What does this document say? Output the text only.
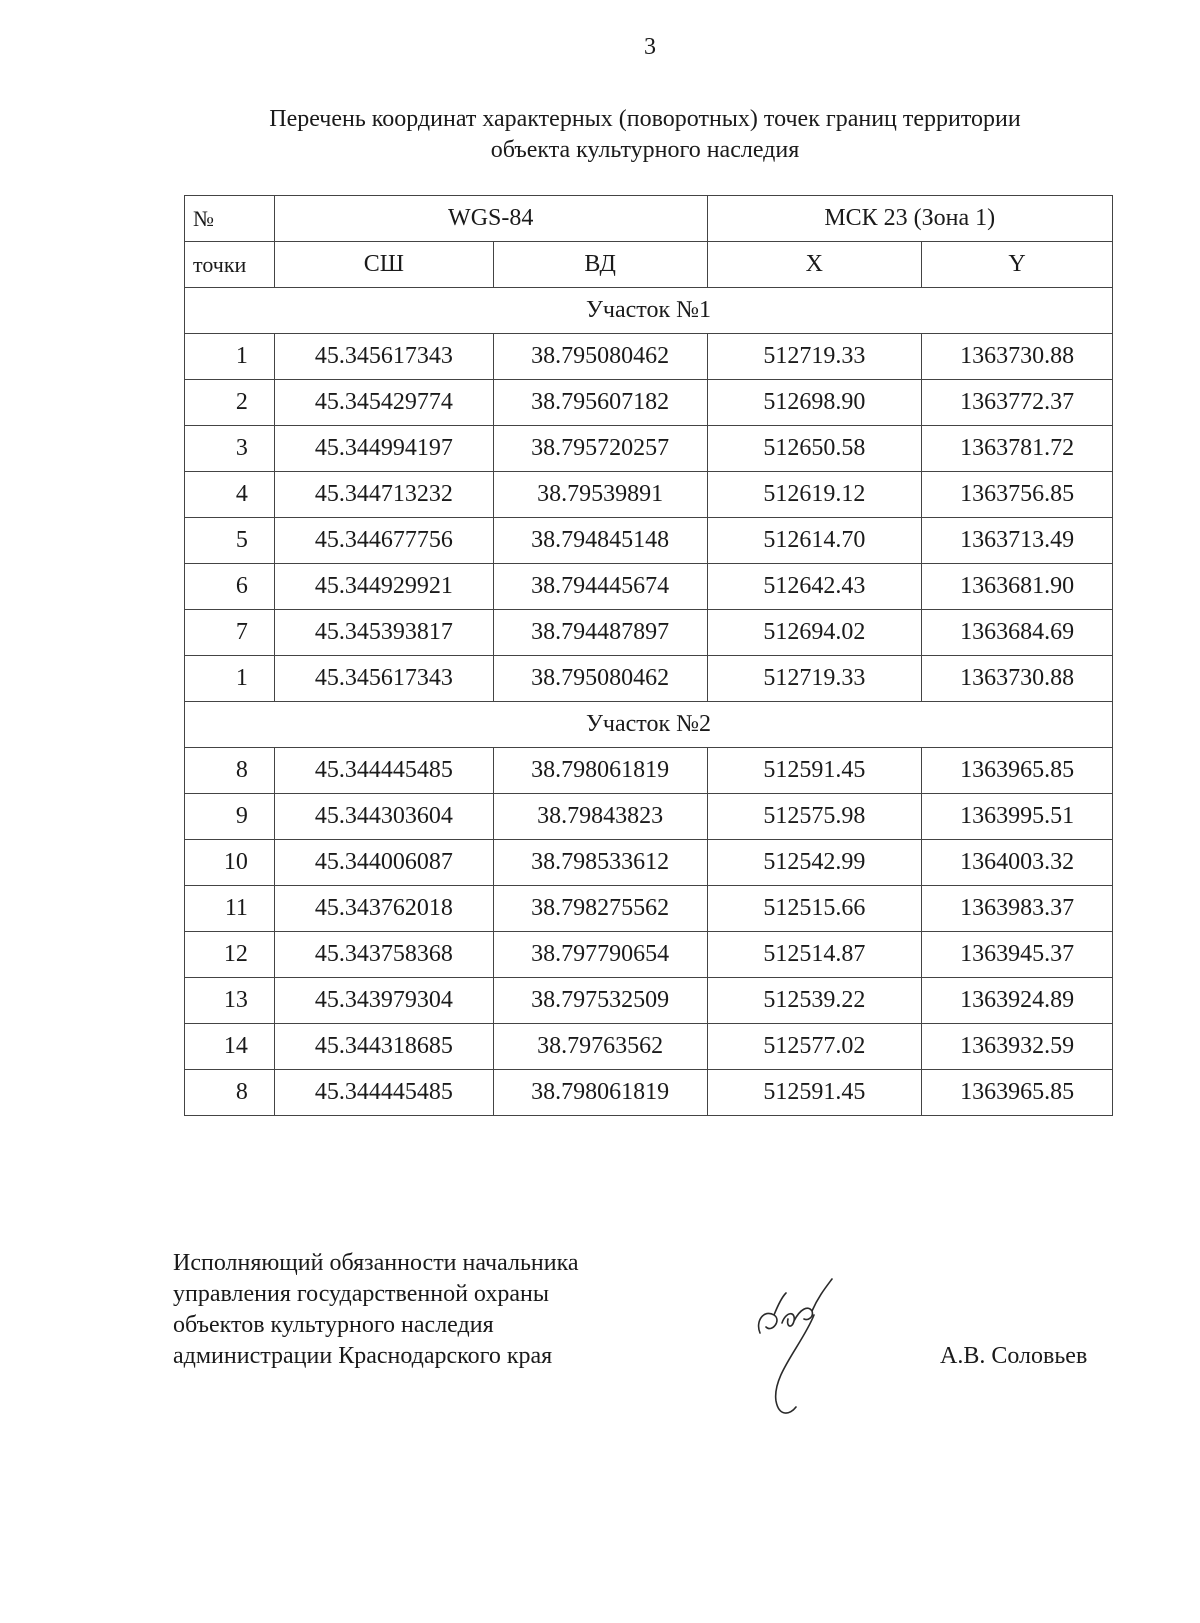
3
Перечень координат характерных (поворотных) точек границ территории
объекта культурного наследия
№	WGS-84		МСК 23 (Зона 1)	
точки	СШ	ВД	X	Y
Участок №1				
1	45.345617343	38.795080462	512719.33	1363730.88
2	45.345429774	38.795607182	512698.90	1363772.37
3	45.344994197	38.795720257	512650.58	1363781.72
4	45.344713232	38.79539891	512619.12	1363756.85
5	45.344677756	38.794845148	512614.70	1363713.49
6	45.344929921	38.794445674	512642.43	1363681.90
7	45.345393817	38.794487897	512694.02	1363684.69
1	45.345617343	38.795080462	512719.33	1363730.88
Участок №2				
8	45.344445485	38.798061819	512591.45	1363965.85
9	45.344303604	38.79843823	512575.98	1363995.51
10	45.344006087	38.798533612	512542.99	1364003.32
11	45.343762018	38.798275562	512515.66	1363983.37
12	45.343758368	38.797790654	512514.87	1363945.37
13	45.343979304	38.797532509	512539.22	1363924.89
14	45.344318685	38.79763562	512577.02	1363932.59
8	45.344445485	38.798061819	512591.45	1363965.85
Исполняющий обязанности начальника
управления государственной охраны
объектов культурного наследия
администрации Краснодарского края	А.В. Соловьев
